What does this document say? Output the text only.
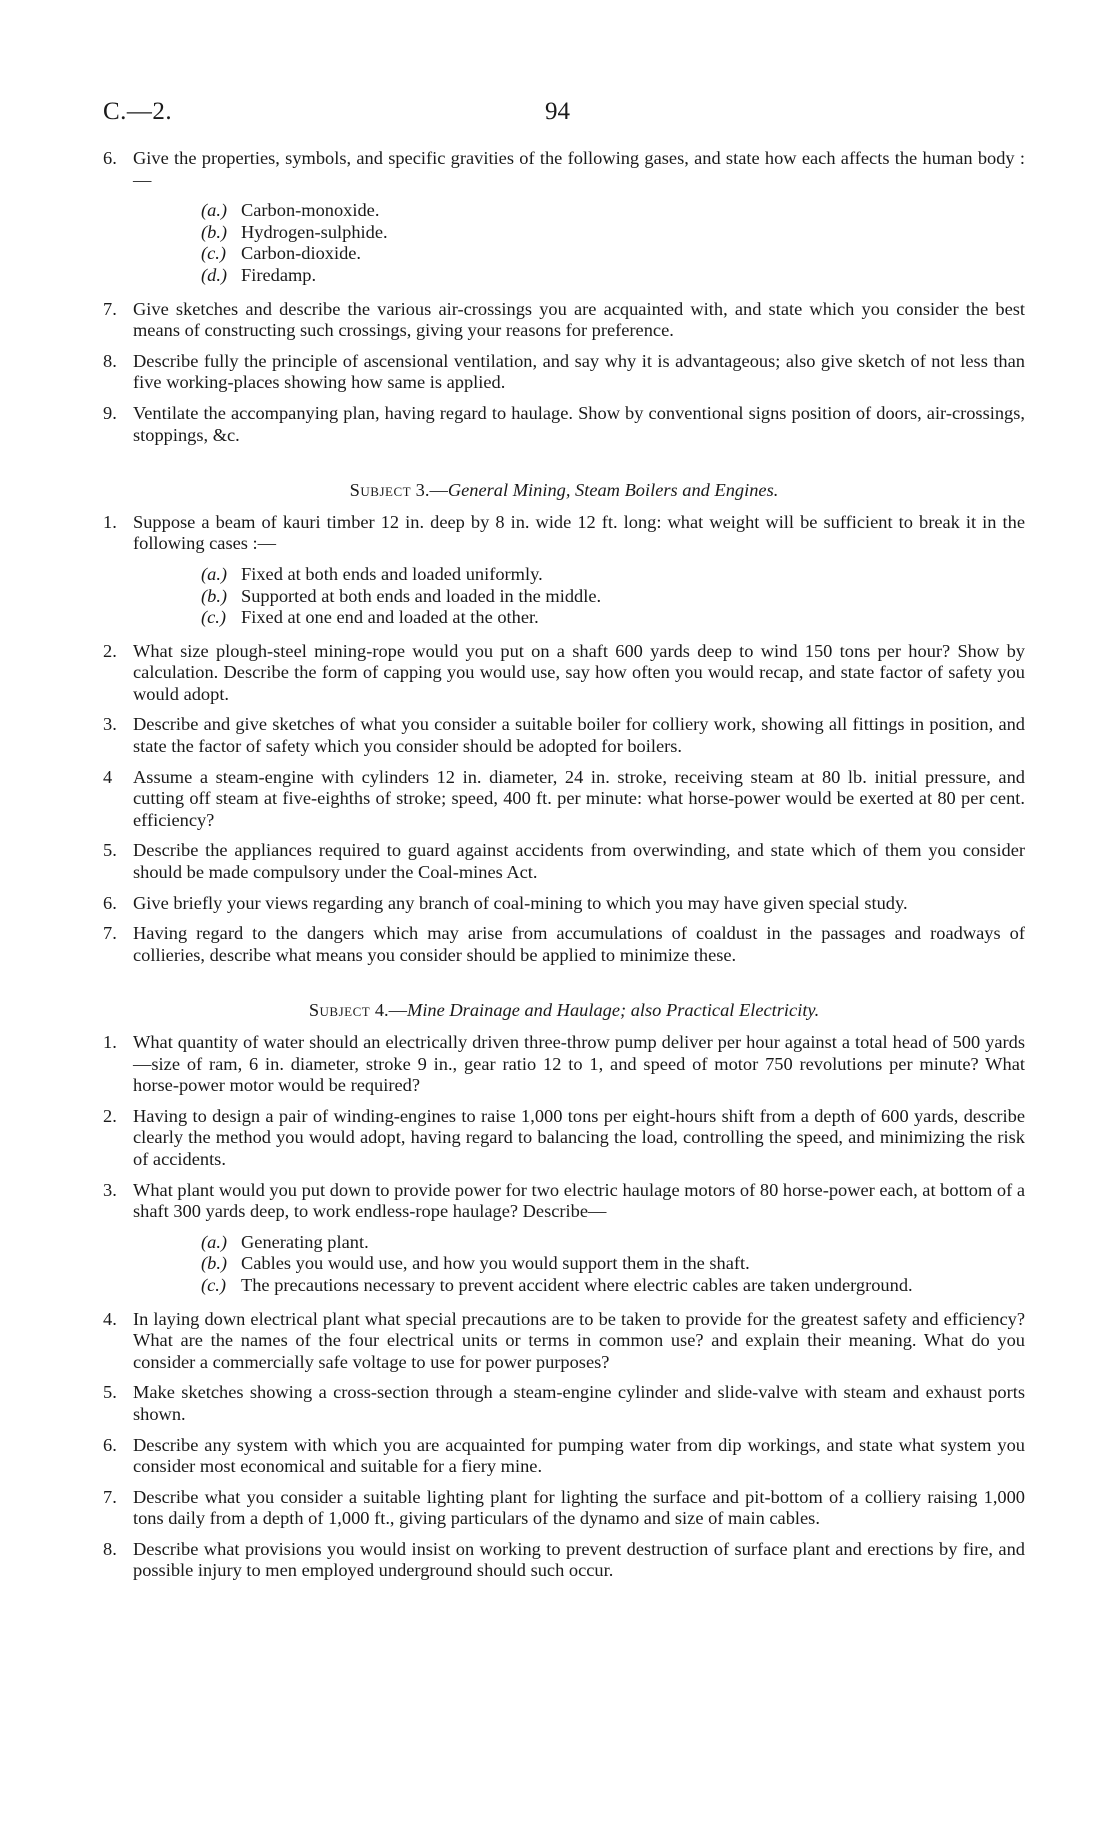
C.—2.	94
6. Give the properties, symbols, and specific gravities of the following gases, and state how each affects the human body :—
(a.) Carbon-monoxide.
(b.) Hydrogen-sulphide.
(c.) Carbon-dioxide.
(d.) Firedamp.
7. Give sketches and describe the various air-crossings you are acquainted with, and state which you consider the best means of constructing such crossings, giving your reasons for preference.
8. Describe fully the principle of ascensional ventilation, and say why it is advantageous; also give sketch of not less than five working-places showing how same is applied.
9. Ventilate the accompanying plan, having regard to haulage. Show by conventional signs position of doors, air-crossings, stoppings, &c.
Subject 3.—General Mining, Steam Boilers and Engines.
1. Suppose a beam of kauri timber 12 in. deep by 8 in. wide 12 ft. long: what weight will be sufficient to break it in the following cases :—
(a.) Fixed at both ends and loaded uniformly.
(b.) Supported at both ends and loaded in the middle.
(c.) Fixed at one end and loaded at the other.
2. What size plough-steel mining-rope would you put on a shaft 600 yards deep to wind 150 tons per hour? Show by calculation. Describe the form of capping you would use, say how often you would recap, and state factor of safety you would adopt.
3. Describe and give sketches of what you consider a suitable boiler for colliery work, showing all fittings in position, and state the factor of safety which you consider should be adopted for boilers.
4	Assume a steam-engine with cylinders 12 in. diameter, 24 in. stroke, receiving steam at 80 lb. initial pressure, and cutting off steam at five-eighths of stroke; speed, 400 ft. per minute: what horse-power would be exerted at 80 per cent. efficiency?
5. Describe the appliances required to guard against accidents from overwinding, and state which of them you consider should be made compulsory under the Coal-mines Act.
6. Give briefly your views regarding any branch of coal-mining to which you may have given special study.
7. Having regard to the dangers which may arise from accumulations of coaldust in the passages and roadways of collieries, describe what means you consider should be applied to minimize these.
Subject 4.—Mine Drainage and Haulage; also Practical Electricity.
1. What quantity of water should an electrically driven three-throw pump deliver per hour against a total head of 500 yards—size of ram, 6 in. diameter, stroke 9 in., gear ratio 12 to 1, and speed of motor 750 revolutions per minute? What horse-power motor would be required?
2. Having to design a pair of winding-engines to raise 1,000 tons per eight-hours shift from a depth of 600 yards, describe clearly the method you would adopt, having regard to balancing the load, controlling the speed, and minimizing the risk of accidents.
3. What plant would you put down to provide power for two electric haulage motors of 80 horse-power each, at bottom of a shaft 300 yards deep, to work endless-rope haulage? Describe—
(a.) Generating plant.
(b.) Cables you would use, and how you would support them in the shaft.
(c.) The precautions necessary to prevent accident where electric cables are taken underground.
4. In laying down electrical plant what special precautions are to be taken to provide for the greatest safety and efficiency? What are the names of the four electrical units or terms in common use? and explain their meaning. What do you consider a commercially safe voltage to use for power purposes?
5. Make sketches showing a cross-section through a steam-engine cylinder and slide-valve with steam and exhaust ports shown.
6. Describe any system with which you are acquainted for pumping water from dip workings, and state what system you consider most economical and suitable for a fiery mine.
7. Describe what you consider a suitable lighting plant for lighting the surface and pit-bottom of a colliery raising 1,000 tons daily from a depth of 1,000 ft., giving particulars of the dynamo and size of main cables.
8. Describe what provisions you would insist on working to prevent destruction of surface plant and erections by fire, and possible injury to men employed underground should such occur.
